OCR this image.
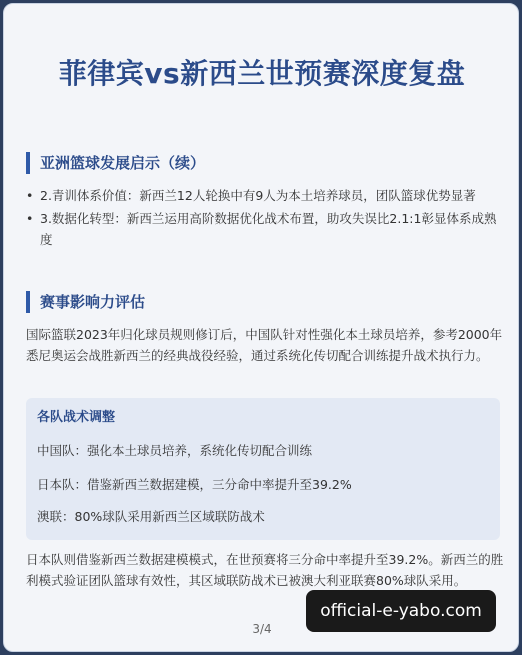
菲律宾vs新西兰世预赛深度复盘
亚洲篮球发展启示（续）
• 2.青训体系价值：新西兰12人轮换中有9人为本土培养球员，团队篮球优势显著
• 3.数据化转型：新西兰运用高阶数据优化战术布置，助攻失误比2.1:1彰显体系成熟度
赛事影响力评估
国际篮联2023年归化球员规则修订后，中国队针对性强化本土球员培养，参考2000年悉尼奥运会战胜新西兰的经典战役经验，通过系统化传切配合训练提升战术执行力。
各队战术调整
中国队：强化本土球员培养，系统化传切配合训练
日本队：借鉴新西兰数据建模，三分命中率提升至39.2%
澳联：80%球队采用新西兰区域联防战术
日本队则借鉴新西兰数据建模模式，在世预赛将三分命中率提升至39.2%。新西兰的胜利模式验证团队篮球有效性，其区域联防战术已被澳大利亚联赛80%球队采用。
3/4
official-e-yabo.com
